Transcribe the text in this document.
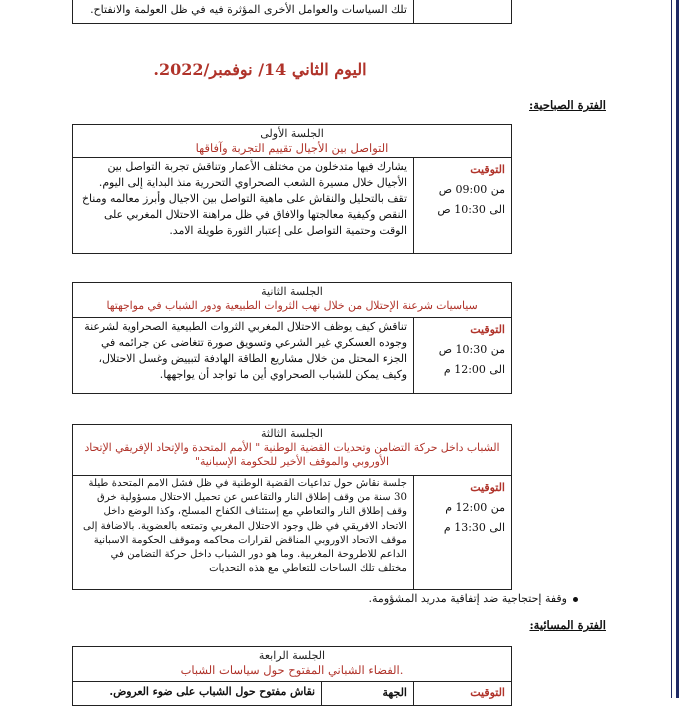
تلك السياسات والعوامل الأخرى المؤثرة فيه في ظل العولمة والانفتاح.
اليوم الثاني 14/ نوفمبر/2022.
الفترة الصباحية:
الجلسة الأولى
التواصل بين الأجيال تقييم التجربة وآفاقها
التوقيت
من 09:00 ص
الى 10:30 ص
يشارك فيها متدخلون من مختلف الأعمار وتناقش تجربة التواصل بين الأجيال خلال مسيرة الشعب الصحراوي التحررية منذ البداية إلى اليوم. تقف بالتحليل والنقاش على ماهية التواصل بين الاجيال وأبرز معالمه ومناخ النقص وكيفية معالجتها والافاق في ظل مراهنة الاحتلال المغربي على الوقت وحتمية التواصل على إعتبار الثورة طويلة الامد.
الجلسة الثانية
سياسيات شرعنة الإحتلال من خلال نهب الثروات الطبيعية ودور الشباب في مواجهتها
التوقيت
من 10:30 ص
الى 12:00 م
تناقش كيف يوظف الاحتلال المغربي الثروات الطبيعية الصحراوية لشرعنة وجوده العسكري غير الشرعي وتسويق صورة تتغاضى عن جرائمه في الجزء المحتل من خلال مشاريع الطاقة الهادفة لتبييض وغسل الاحتلال، وكيف يمكن للشباب الصحراوي أين ما تواجد أن يواجهها.
الجلسة الثالثة
الشباب داخل حركة التضامن وتحديات القضية الوطنية " الأمم المتحدة والإتحاد الإفريقي الإتحاد الأوروبي والموقف الأخير للحكومة الإسبانية"
التوقيت
من 12:00 م
الى 13:30 م
جلسة نقاش حول تداعيات القضية الوطنية في ظل فشل الامم المتحدة طيلة 30 سنة من وقف إطلاق النار والتقاعس عن تحميل الاحتلال مسؤولية خرق وقف إطلاق النار والتعاطي مع إستئناف الكفاح المسلح، وكذا الوضع داخل الاتحاد الافريقي في ظل وجود الاحتلال المغربي وتمتعه بالعضوية. بالاضافة إلى موقف الاتحاد الاوروبي المناقض لقرارات محاكمه وموقف الحكومة الاسبانية الداعم للاطروحة المغربية. وما هو دور الشباب داخل حركة التضامن في مختلف تلك الساحات للتعاطي مع هذه التحديات
وقفة إحتجاجية ضد إتفاقية مدريد المشؤومة.
الفترة المسائية:
الجلسة الرابعة
الفضاء الشباني المفتوح حول سياسات الشباب.
التوقيت
الجهة
نقاش مفتوح حول الشباب على ضوء العروض.
